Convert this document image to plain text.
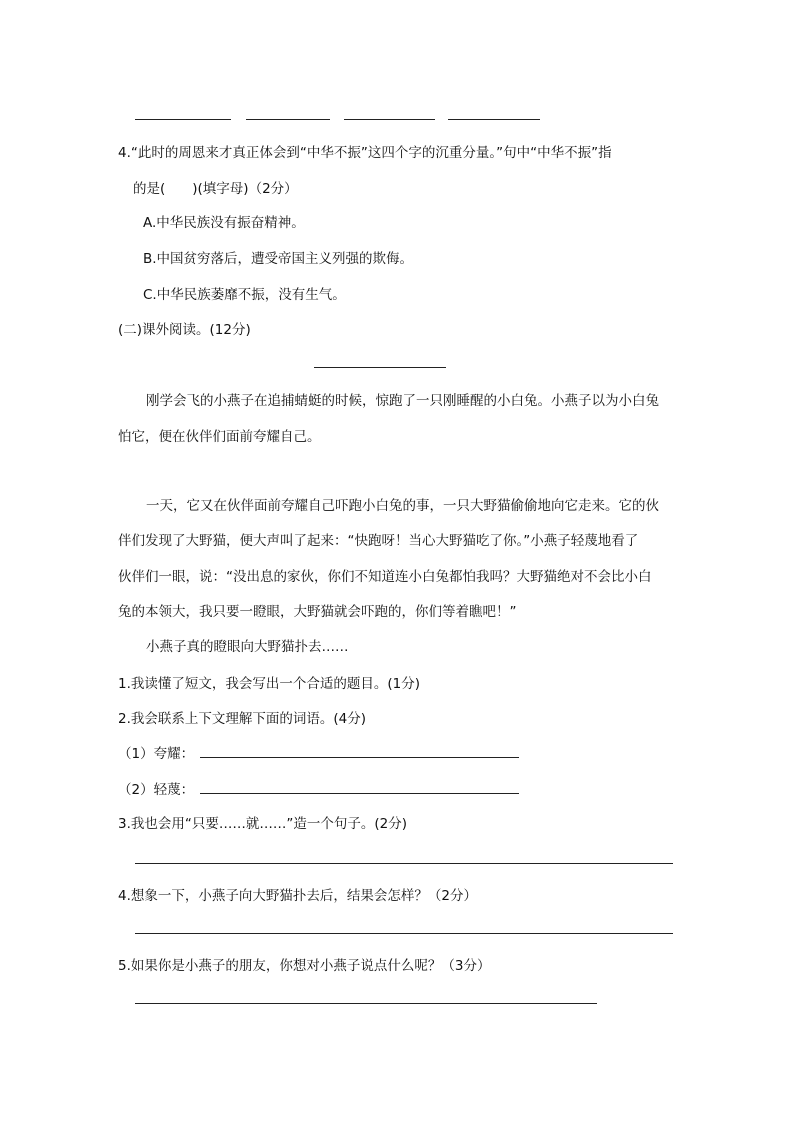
4.“此时的周恩来才真正体会到“中华不振”这四个字的沉重分量。”句中“中华不振”指
的是(　　)(填字母)（2分）
A.中华民族没有振奋精神。
B.中国贫穷落后，遭受帝国主义列强的欺侮。
C.中华民族萎靡不振，没有生气。
(二)课外阅读。(12分)
刚学会飞的小燕子在追捕蜻蜓的时候，惊跑了一只刚睡醒的小白兔。小燕子以为小白兔
怕它，便在伙伴们面前夸耀自己。
一天，它又在伙伴面前夸耀自己吓跑小白兔的事，一只大野猫偷偷地向它走来。它的伙
伴们发现了大野猫，便大声叫了起来：“快跑呀！当心大野猫吃了你。”小燕子轻蔑地看了
伙伴们一眼，说：“没出息的家伙，你们不知道连小白兔都怕我吗？大野猫绝对不会比小白
兔的本领大，我只要一瞪眼，大野猫就会吓跑的，你们等着瞧吧！”
小燕子真的瞪眼向大野猫扑去……
1.我读懂了短文，我会写出一个合适的题目。(1分)
2.我会联系上下文理解下面的词语。(4分)
（1）夸耀：
（2）轻蔑：
3.我也会用“只要……就……”造一个句子。(2分)
4.想象一下，小燕子向大野猫扑去后，结果会怎样？（2分）
5.如果你是小燕子的朋友，你想对小燕子说点什么呢？（3分）
